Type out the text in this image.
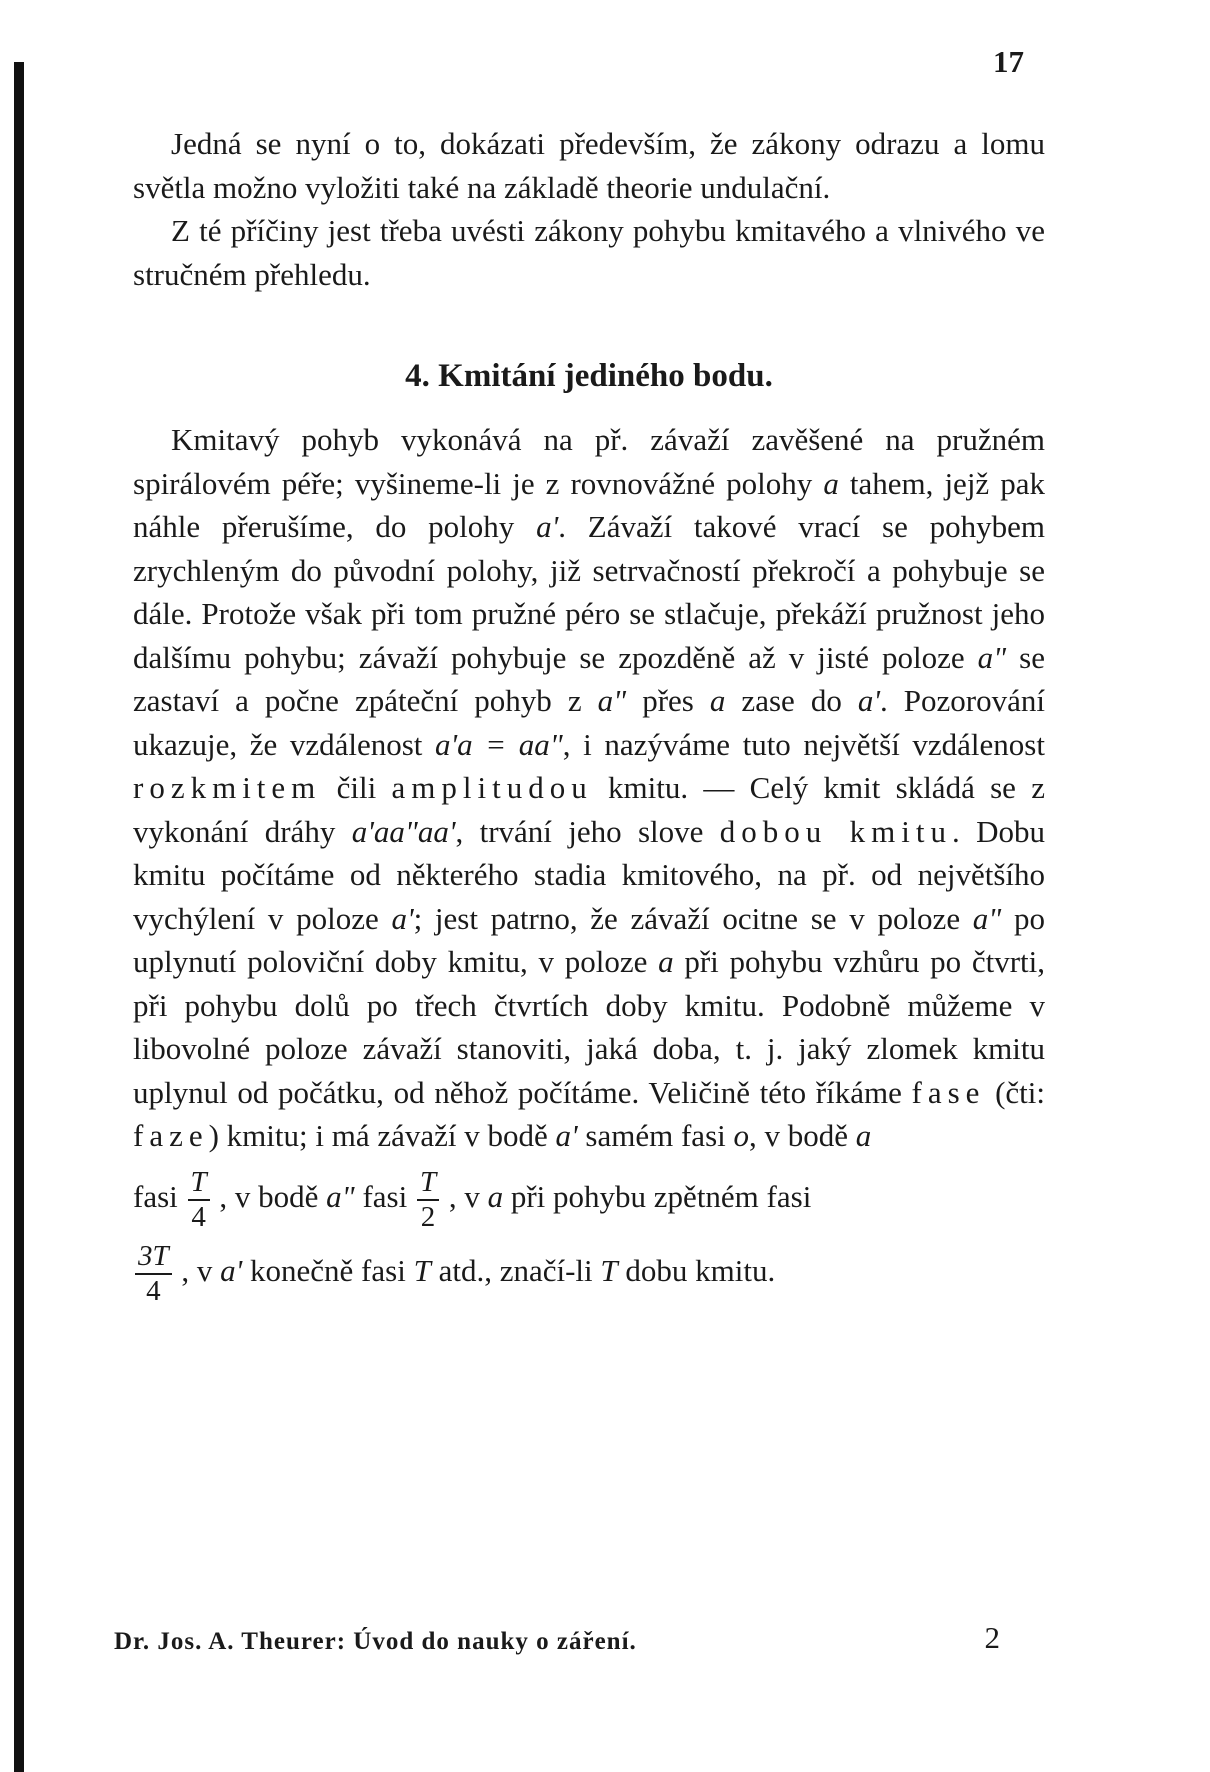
17

Jedná se nyní o to, dokázati především, že zákony odrazu a lomu světla možno vyložiti také na základě theorie undulační.

Z té příčiny jest třeba uvésti zákony pohybu kmitavého a vlnivého ve stručném přehledu.

4. Kmitání jediného bodu.

Kmitavý pohyb vykonává na př. závaží zavěšené na pružném spirálovém péře; vyšineme-li je z rovnovážné polohy a tahem, jejž pak náhle přerušíme, do polohy a'. Závaží takové vrací se pohybem zrychleným do původní polohy, již setrvačností překročí a pohybuje se dále. Protože však při tom pružné péro se stlačuje, překáží pružnost jeho dalšímu pohybu; závaží pohybuje se zpozděně až v jisté poloze a" se zastaví a počne zpáteční pohyb z a" přes a zase do a'. Pozorování ukazuje, že vzdálenost a'a = aa", i nazýváme tuto největší vzdálenost rozkmitem čili amplitudou kmitu. — Celý kmit skládá se z vykonání dráhy a'aa"aa', trvání jeho slove dobou kmitu. Dobu kmitu počítáme od některého stadia kmitového, na př. od největšího vychýlení v poloze a'; jest patrno, že závaží ocitne se v poloze a" po uplynutí poloviční doby kmitu, v poloze a při pohybu vzhůru po čtvrti, při pohybu dolů po třech čtvrtích doby kmitu. Podobně můžeme v libovolné poloze závaží stanoviti, jaká doba, t. j. jaký zlomek kmitu uplynul od počátku, od něhož počítáme. Veličině této říkáme fase (čti: faze) kmitu; i má závaží v bodě a' samém fasi o, v bodě a

fasi $\frac{T}{4}$ , v bodě a" fasi $\frac{T}{2}$ , v a při pohybu zpětném fasi

$\frac{3T}{4}$ , v a' konečně fasi T atd., značí-li T dobu kmitu.

Dr. Jos. A. Theurer: Úvod do nauky o záření.	2
